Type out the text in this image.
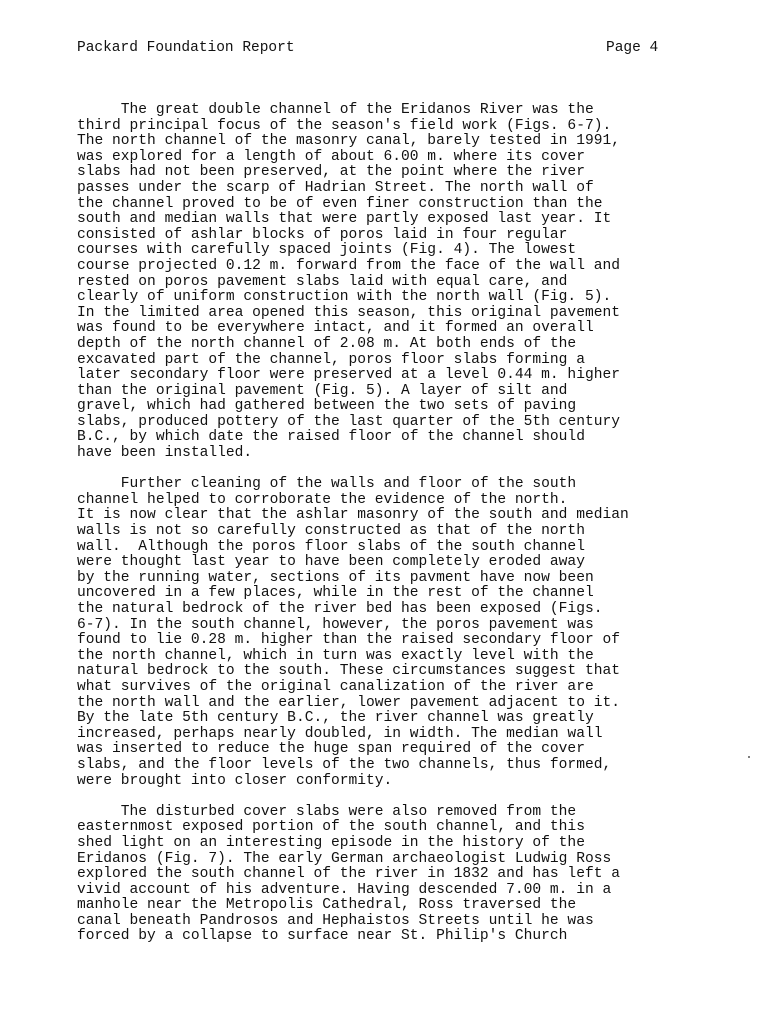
Packard Foundation Report	Page 4
The great double channel of the Eridanos River was the
third principal focus of the season's field work (Figs. 6-7).
The north channel of the masonry canal, barely tested in 1991,
was explored for a length of about 6.00 m. where its cover
slabs had not been preserved, at the point where the river
passes under the scarp of Hadrian Street. The north wall of
the channel proved to be of even finer construction than the
south and median walls that were partly exposed last year. It
consisted of ashlar blocks of poros laid in four regular
courses with carefully spaced joints (Fig. 4). The lowest
course projected 0.12 m. forward from the face of the wall and
rested on poros pavement slabs laid with equal care, and
clearly of uniform construction with the north wall (Fig. 5).
In the limited area opened this season, this original pavement
was found to be everywhere intact, and it formed an overall
depth of the north channel of 2.08 m. At both ends of the
excavated part of the channel, poros floor slabs forming a
later secondary floor were preserved at a level 0.44 m. higher
than the original pavement (Fig. 5). A layer of silt and
gravel, which had gathered between the two sets of paving
slabs, produced pottery of the last quarter of the 5th century
B.C., by which date the raised floor of the channel should
have been installed.
Further cleaning of the walls and floor of the south
channel helped to corroborate the evidence of the north.
It is now clear that the ashlar masonry of the south and median
walls is not so carefully constructed as that of the north
wall.  Although the poros floor slabs of the south channel
were thought last year to have been completely eroded away
by the running water, sections of its pavment have now been
uncovered in a few places, while in the rest of the channel
the natural bedrock of the river bed has been exposed (Figs.
6-7). In the south channel, however, the poros pavement was
found to lie 0.28 m. higher than the raised secondary floor of
the north channel, which in turn was exactly level with the
natural bedrock to the south. These circumstances suggest that
what survives of the original canalization of the river are
the north wall and the earlier, lower pavement adjacent to it.
By the late 5th century B.C., the river channel was greatly
increased, perhaps nearly doubled, in width. The median wall
was inserted to reduce the huge span required of the cover
slabs, and the floor levels of the two channels, thus formed,
were brought into closer conformity.
The disturbed cover slabs were also removed from the
easternmost exposed portion of the south channel, and this
shed light on an interesting episode in the history of the
Eridanos (Fig. 7). The early German archaeologist Ludwig Ross
explored the south channel of the river in 1832 and has left a
vivid account of his adventure. Having descended 7.00 m. in a
manhole near the Metropolis Cathedral, Ross traversed the
canal beneath Pandrosos and Hephaistos Streets until he was
forced by a collapse to surface near St. Philip's Church
